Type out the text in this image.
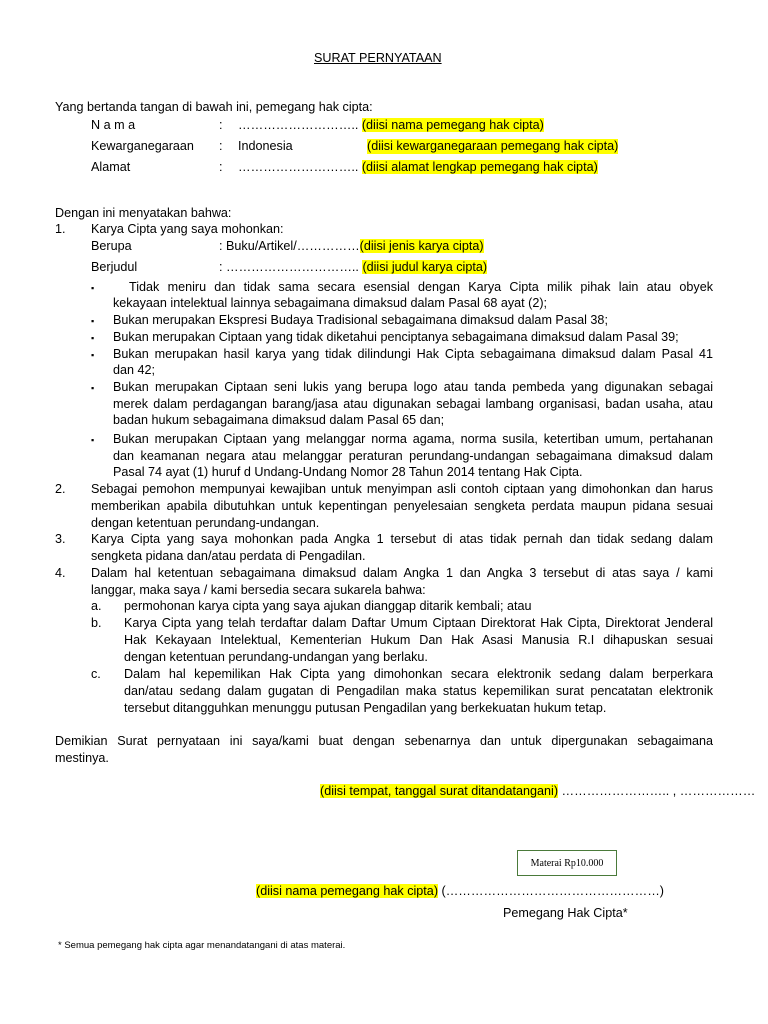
SURAT PERNYATAAN
Yang bertanda tangan di bawah ini, pemegang hak cipta:
N a m a	: ……………………….. (diisi nama pemegang hak cipta)
Kewarganegaraan : Indonesia	(diisi kewarganegaraan pemegang hak cipta)
Alamat	: ……………………….. (diisi alamat lengkap pemegang hak cipta)
Dengan ini menyatakan bahwa:
1. Karya Cipta yang saya mohonkan:
Berupa	: Buku/Artikel/……………(diisi jenis karya cipta)
Berjudul	: ………………………….. (diisi judul karya cipta)
▪	Tidak meniru dan tidak sama secara esensial dengan Karya Cipta milik pihak lain atau obyek
kekayaan intelektual lainnya sebagaimana dimaksud dalam Pasal 68 ayat (2);
▪ Bukan merupakan Ekspresi Budaya Tradisional sebagaimana dimaksud dalam Pasal 38;
▪ Bukan merupakan Ciptaan yang tidak diketahui penciptanya sebagaimana dimaksud dalam Pasal 39;
▪ Bukan merupakan hasil karya yang tidak dilindungi Hak Cipta sebagaimana dimaksud dalam Pasal 41
dan 42;
▪ Bukan merupakan Ciptaan seni lukis yang berupa logo atau tanda pembeda yang digunakan sebagai
merek dalam perdagangan barang/jasa atau digunakan sebagai lambang organisasi, badan usaha, atau
badan hukum sebagaimana dimaksud dalam Pasal 65 dan;
▪ Bukan merupakan Ciptaan yang melanggar norma agama, norma susila, ketertiban umum, pertahanan
dan keamanan negara atau melanggar peraturan perundang-undangan sebagaimana dimaksud dalam
Pasal 74 ayat (1) huruf d Undang-Undang Nomor 28 Tahun 2014 tentang Hak Cipta.
2. Sebagai pemohon mempunyai kewajiban untuk menyimpan asli contoh ciptaan yang dimohonkan dan harus
memberikan apabila dibutuhkan untuk kepentingan penyelesaian sengketa perdata maupun pidana sesuai
dengan ketentuan perundang-undangan.
3. Karya Cipta yang saya mohonkan pada Angka 1 tersebut di atas tidak pernah dan tidak sedang dalam
sengketa pidana dan/atau perdata di Pengadilan.
4. Dalam hal ketentuan sebagaimana dimaksud dalam Angka 1 dan Angka 3 tersebut di atas saya / kami
langgar, maka saya / kami bersedia secara sukarela bahwa:
a. permohonan karya cipta yang saya ajukan dianggap ditarik kembali; atau
b. Karya Cipta yang telah terdaftar dalam Daftar Umum Ciptaan Direktorat Hak Cipta, Direktorat Jenderal
Hak Kekayaan Intelektual, Kementerian Hukum Dan Hak Asasi Manusia R.I dihapuskan sesuai
dengan ketentuan perundang-undangan yang berlaku.
c. Dalam hal kepemilikan Hak Cipta yang dimohonkan secara elektronik sedang dalam berperkara
dan/atau sedang dalam gugatan di Pengadilan maka status kepemilikan surat pencatatan elektronik
tersebut ditangguhkan menunggu putusan Pengadilan yang berkekuatan hukum tetap.
Demikian Surat pernyataan ini saya/kami buat dengan sebenarnya dan untuk dipergunakan sebagaimana
mestinya.
(diisi tempat, tanggal surat ditandatangani) …………………….. , ………………
Materai Rp10.000
(diisi nama pemegang hak cipta) (……………………………………………)
Pemegang Hak Cipta*
* Semua pemegang hak cipta agar menandatangani di atas materai.
